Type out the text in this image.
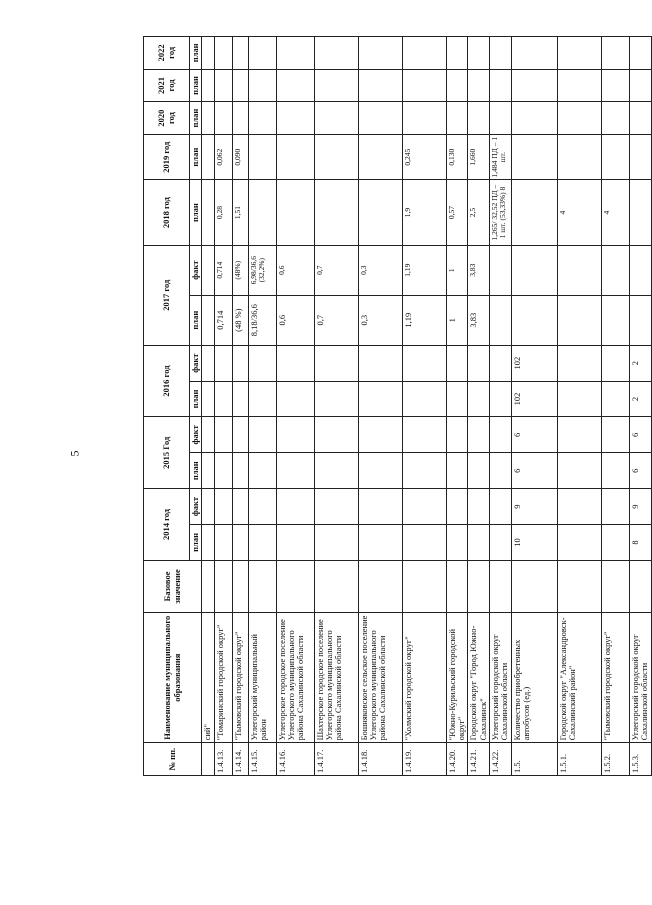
5
№ пп.	Наименование муниципального образования	Базовое значение	2014 год		2015 Год		2016 год		2017 год		2018 год	2019 год	2020 год	2021 год	2022 год
			план	факт	план	факт	план	факт	план	факт	план	план	план	план	план
	сий"														
1.4.13.	"Томаринский городской округ"								0,714	0,714	0,28	0,062			
1.4.14.	"Тымовский городской округ"								(48 %)	(48%)	1,51	0,090			
1.4.15.	Углегорский муниципальный район								8,18/36,6	6,98/36,6 (32,2%)					
1.4.16.	Углегорское городское поселение Углегорского муниципального района Сахалинской области								0,6	0,6					
1.4.17.	Шахтерское городское поселение Углегорского муниципального района Сахалинской области								0,7	0,7					
1.4.18.	Бошняковское сельское поселение Углегорского муниципального района Сахалинской области								0,3	0,3					
1.4.19.	"Холмский городской округ"								1,19	1,19	1,9	0,245			
1.4.20.	"Южно-Курильский городской округ"								1	1	0,57	0,130			
1.4.21.	Городской округ "Город Южно-Сахалинск"								3,83	3,83	2,5	1,660			
1.4.22.	Углегорский городской округ Сахалинской области										1,265/ 32,52 ПД – 1 шт. (53,33%) 8	1,484 ПД – 1 шт.			
1.5.	Количество приобретенных автобусов (ед.)		10	9	6	6	102	102							
1.5.1.	Городской округ "Александровск-Сахалинский район"										4				
1.5.2.	"Тымовский городской округ"										4				
1.5.3.	Углегорский городской округ Сахалинской области		8	9	6	6	2	2							
